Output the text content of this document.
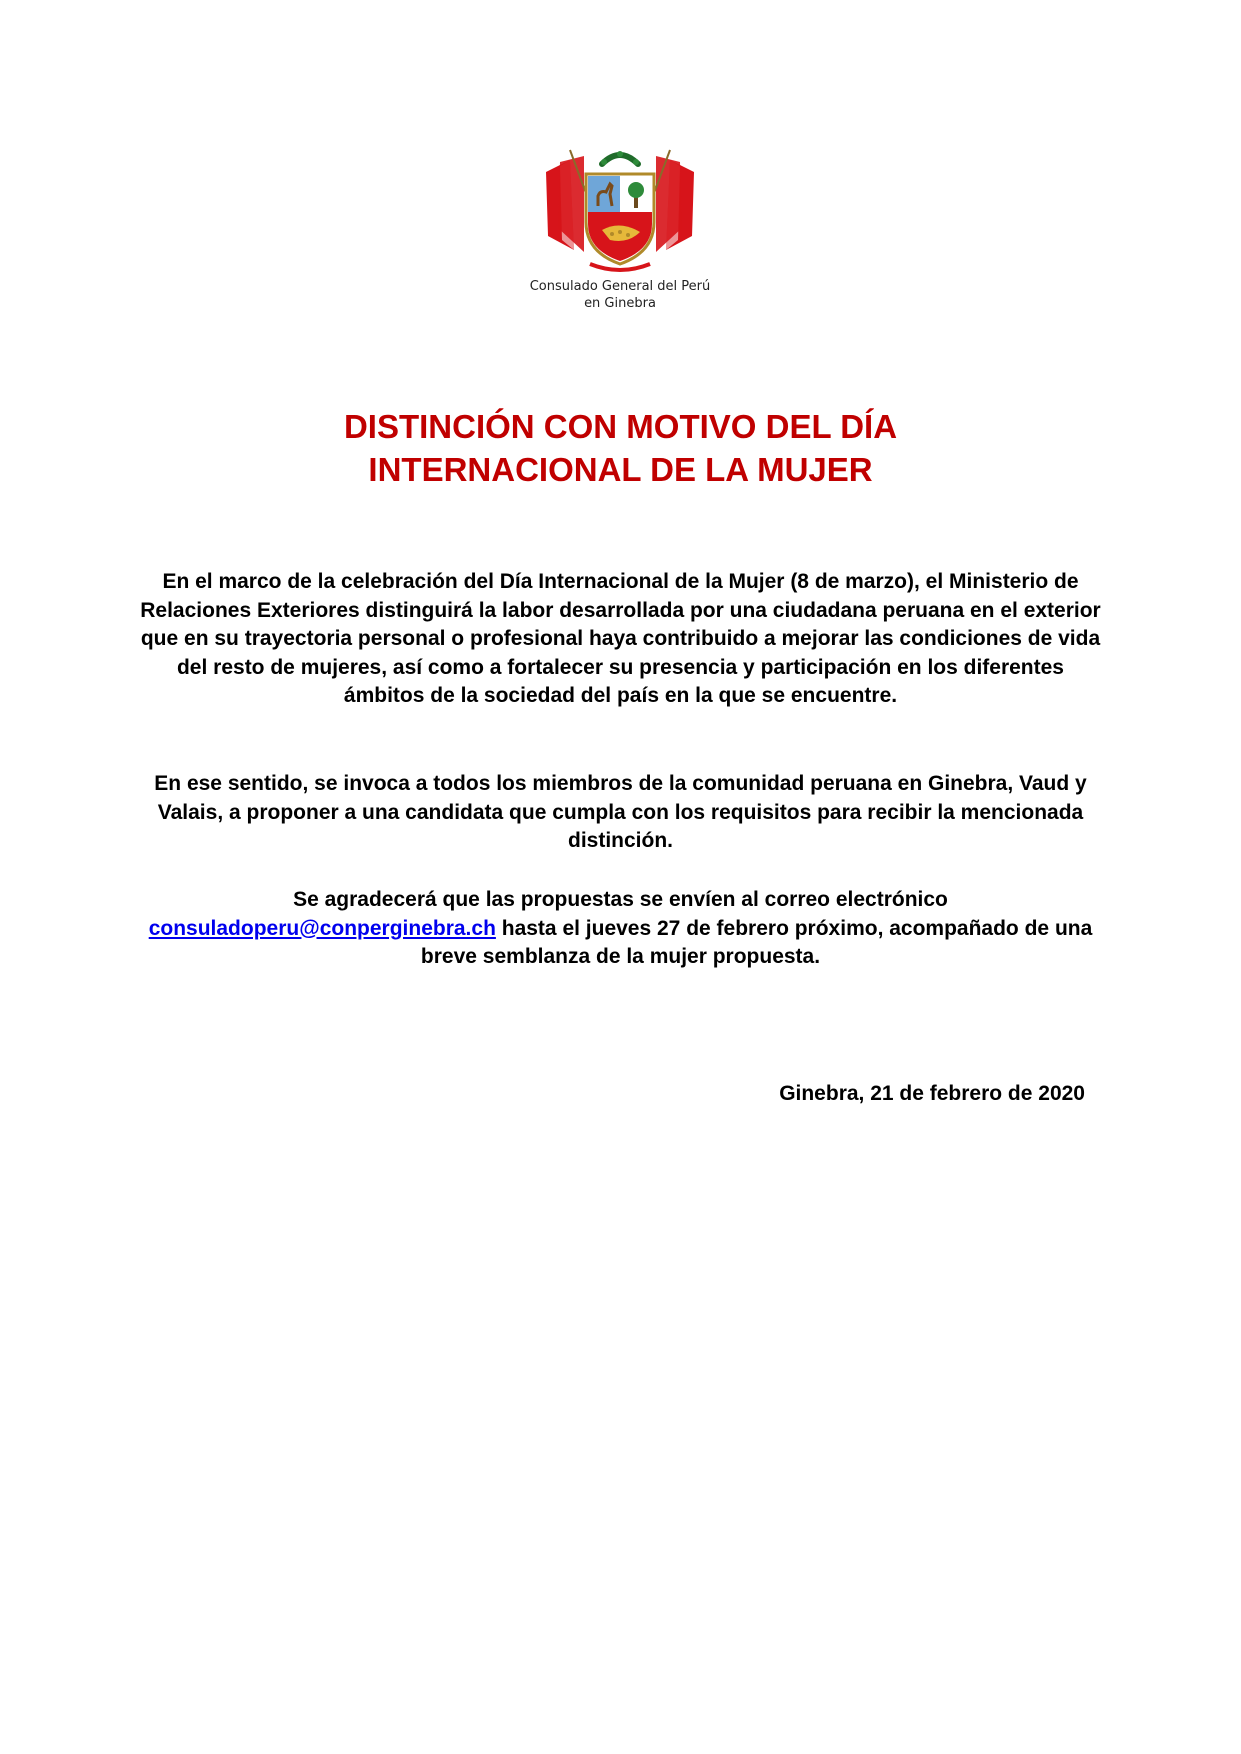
Consulado General del Perú
en Ginebra
DISTINCIÓN CON MOTIVO DEL DÍA
INTERNACIONAL DE LA MUJER
En el marco de la celebración del Día Internacional de la Mujer (8 de marzo), el Ministerio de Relaciones Exteriores distinguirá la labor desarrollada por una ciudadana peruana en el exterior que en su trayectoria personal o profesional haya contribuido a mejorar las condiciones de vida del resto de mujeres, así como a fortalecer su presencia y participación en los diferentes ámbitos de la sociedad del país en la que se encuentre.
En ese sentido, se invoca a todos los miembros de la comunidad peruana en Ginebra, Vaud y Valais, a proponer a una candidata que cumpla con los requisitos para recibir la mencionada distinción.
Se agradecerá que las propuestas se envíen al correo electrónico
consuladoperu@conperginebra.ch hasta el jueves 27 de febrero próximo, acompañado de una breve semblanza de la mujer propuesta.
Ginebra, 21 de febrero de 2020
